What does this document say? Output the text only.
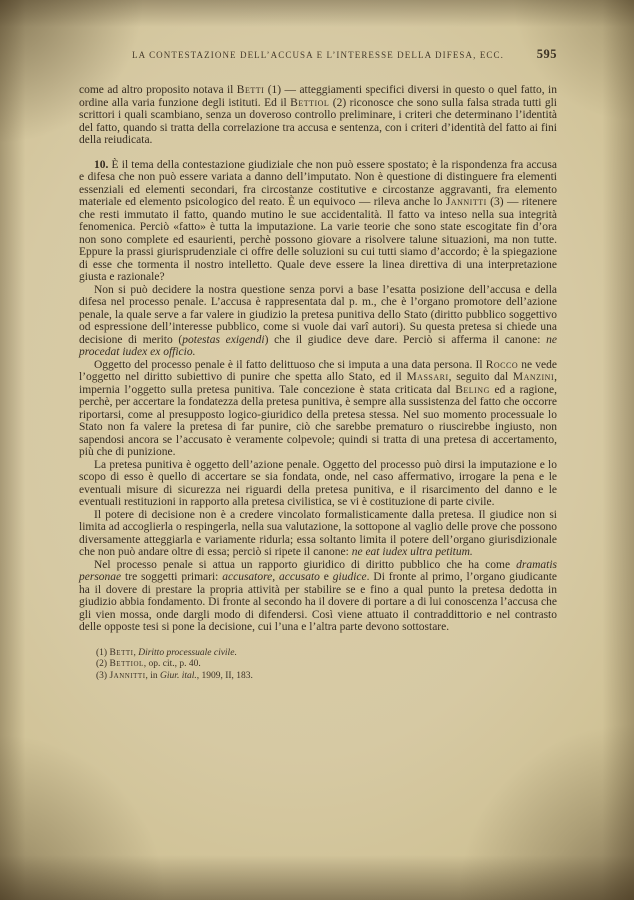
LA CONTESTAZIONE DELL’ACCUSA E L’INTERESSE DELLA DIFESA, ECC.	595

come ad altro proposito notava il Betti (1) — atteggiamenti specifici diversi in questo o quel fatto, in ordine alla varia funzione degli istituti. Ed il Bettiol (2) riconosce che sono sulla falsa strada tutti gli scrittori i quali scambiano, senza un doveroso controllo preliminare, i criteri che determinano l’identità del fatto, quando si tratta della correlazione tra accusa e sentenza, con i criteri d’identità del fatto ai fini della reiudicata.

10. È il tema della contestazione giudiziale che non può essere spostato; è la rispondenza fra accusa e difesa che non può essere variata a danno dell’imputato. Non è questione di distinguere fra elementi essenziali ed elementi secondari, fra circostanze costitutive e circostanze aggravanti, fra elemento materiale ed elemento psicologico del reato. È un equivoco — rileva anche lo Jannitti (3) — ritenere che resti immutato il fatto, quando mutino le sue accidentalità. Il fatto va inteso nella sua integrità fenomenica. Perciò «fatto» è tutta la imputazione. La varie teorie che sono state escogitate fin d’ora non sono complete ed esaurienti, perchè possono giovare a risolvere talune situazioni, ma non tutte. Eppure la prassi giurisprudenziale ci offre delle soluzioni su cui tutti siamo d’accordo; è la spiegazione di esse che tormenta il nostro intelletto. Quale deve essere la linea direttiva di una interpretazione giusta e razionale?

Non si può decidere la nostra questione senza porvi a base l’esatta posizione dell’accusa e della difesa nel processo penale. L’accusa è rappresentata dal p. m., che è l’organo promotore dell’azione penale, la quale serve a far valere in giudizio la pretesa punitiva dello Stato (diritto pubblico soggettivo od espressione dell’interesse pubblico, come si vuole dai varî autori). Su questa pretesa si chiede una decisione di merito (potestas exigendi) che il giudice deve dare. Perciò si afferma il canone: ne procedat iudex ex officio.

Oggetto del processo penale è il fatto delittuoso che si imputa a una data persona. Il Rocco ne vede l’oggetto nel diritto subiettivo di punire che spetta allo Stato, ed il Massari, seguito dal Manzini, impernia l’oggetto sulla pretesa punitiva. Tale concezione è stata criticata dal Beling ed a ragione, perchè, per accertare la fondatezza della pretesa punitiva, è sempre alla sussistenza del fatto che occorre riportarsi, come al presupposto logico-giuridico della pretesa stessa. Nel suo momento processuale lo Stato non fa valere la pretesa di far punire, ciò che sarebbe prematuro o riuscirebbe ingiusto, non sapendosi ancora se l’accusato è veramente colpevole; quindi si tratta di una pretesa di accertamento, più che di punizione.

La pretesa punitiva è oggetto dell’azione penale. Oggetto del processo può dirsi la imputazione e lo scopo di esso è quello di accertare se sia fondata, onde, nel caso affermativo, irrogare la pena e le eventuali misure di sicurezza nei riguardi della pretesa punitiva, e il risarcimento del danno e le eventuali restituzioni in rapporto alla pretesa civilistica, se vi è costituzione di parte civile.

Il potere di decisione non è a credere vincolato formalisticamente dalla pretesa. Il giudice non si limita ad accoglierla o respingerla, nella sua valutazione, la sottopone al vaglio delle prove che possono diversamente atteggiarla e variamente ridurla; essa soltanto limita il potere dell’organo giurisdizionale che non può andare oltre di essa; perciò si ripete il canone: ne eat iudex ultra petitum.

Nel processo penale si attua un rapporto giuridico di diritto pubblico che ha come dramatis personae tre soggetti primari: accusatore, accusato e giudice. Di fronte al primo, l’organo giudicante ha il dovere di prestare la propria attività per stabilire se e fino a qual punto la pretesa dedotta in giudizio abbia fondamento. Di fronte al secondo ha il dovere di portare a di lui conoscenza l’accusa che gli vien mossa, onde dargli modo di difendersi. Così viene attuato il contraddittorio e nel contrasto delle opposte tesi si pone la decisione, cui l’una e l’altra parte devono sottostare.

(1) Betti, Diritto processuale civile.

(2) Bettiol, op. cit., p. 40.

(3) Jannitti, in Giur. ital., 1909, II, 183.
